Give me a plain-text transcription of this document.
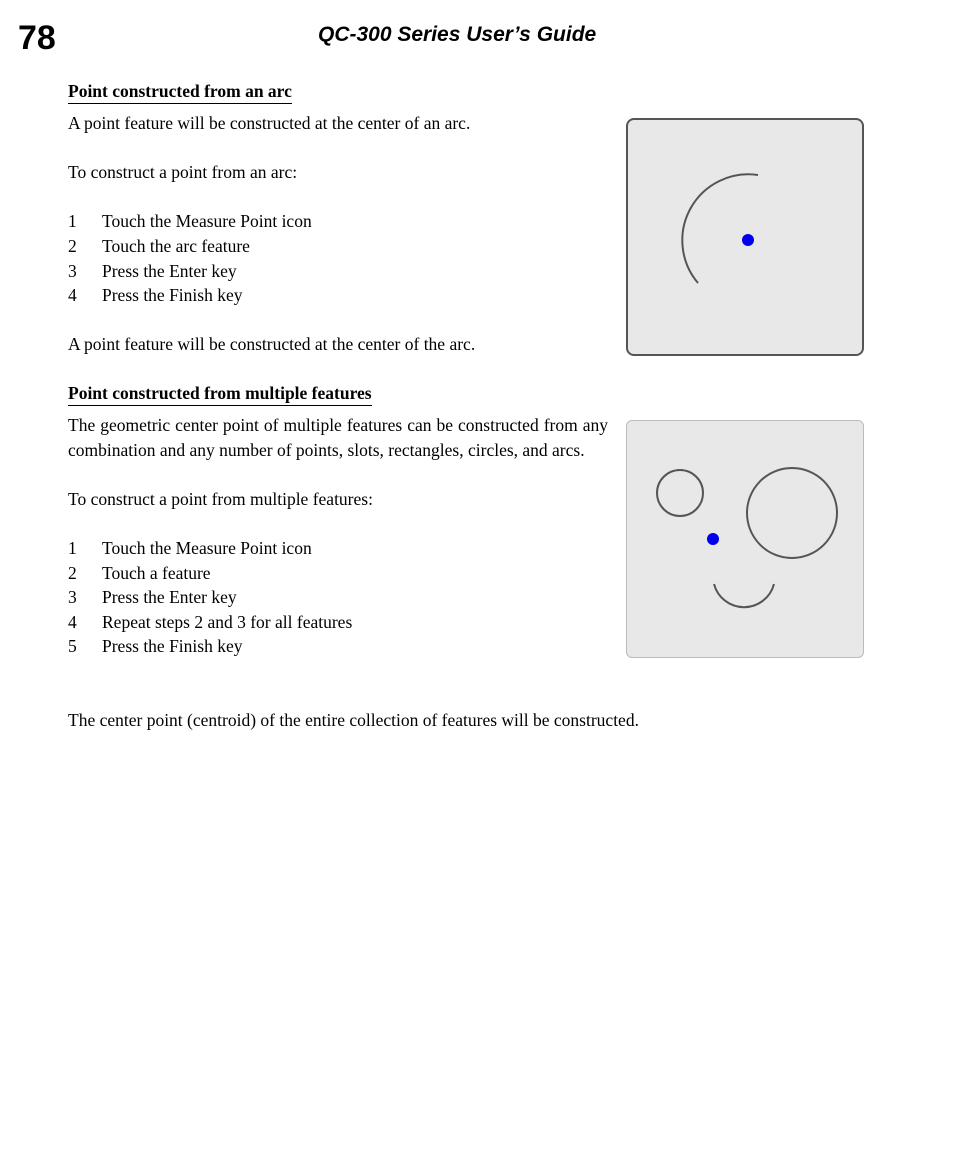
78	QC-300 Series User’s Guide
Point constructed from an arc

A point feature will be constructed at the center of an arc.

To construct a point from an arc:

1	Touch the Measure Point icon
2	Touch the arc feature
3	Press the Enter key
4	Press the Finish key

A point feature will be constructed at the center of the arc.

Point constructed from multiple features

The geometric center point of multiple features can be constructed from any combination and any number of points, slots, rectangles, circles, and arcs.

To construct a point from multiple features:

1	Touch the Measure Point icon
2	Touch a feature
3	Press the Enter key
4	Repeat steps 2 and 3 for all features
5	Press the Finish key

The center point (centroid) of the entire collection of features will be constructed.
